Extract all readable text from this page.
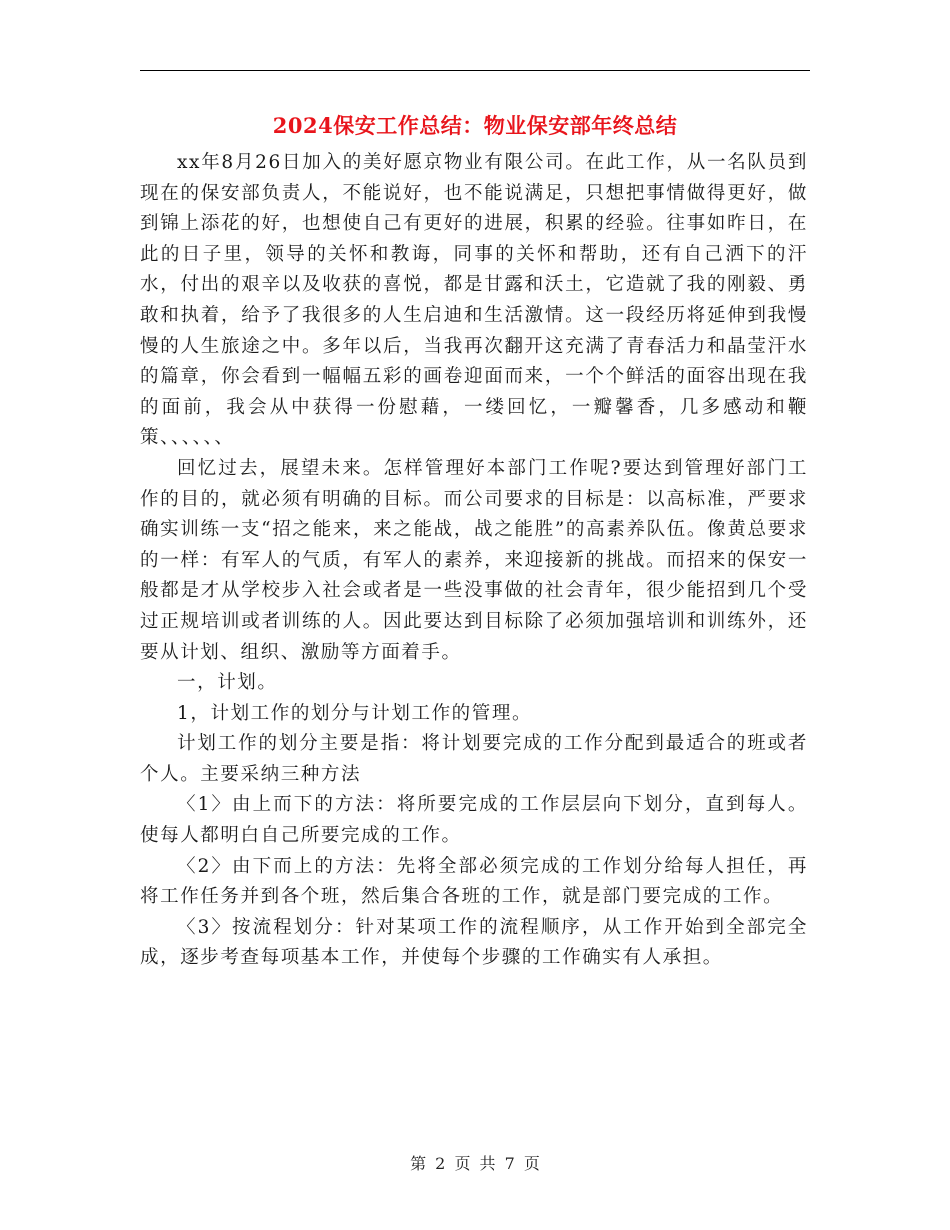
2024保安工作总结：物业保安部年终总结

xx年8月26日加入的美好愿京物业有限公司。在此工作，从一名队员到现在的保安部负责人，不能说好，也不能说满足，只想把事情做得更好，做到锦上添花的好，也想使自己有更好的进展，积累的经验。往事如昨日，在此的日子里，领导的关怀和教诲，同事的关怀和帮助，还有自己洒下的汗水，付出的艰辛以及收获的喜悦，都是甘露和沃土，它造就了我的刚毅、勇敢和执着，给予了我很多的人生启迪和生活激情。这一段经历将延伸到我慢慢的人生旅途之中。多年以后，当我再次翻开这充满了青春活力和晶莹汗水的篇章，你会看到一幅幅五彩的画卷迎面而来，一个个鲜活的面容出现在我的面前，我会从中获得一份慰藉，一缕回忆，一瓣馨香，几多感动和鞭策、、、、、、

回忆过去，展望未来。怎样管理好本部门工作呢?要达到管理好部门工作的目的，就必须有明确的目标。而公司要求的目标是：以高标准，严要求确实训练一支“招之能来，来之能战，战之能胜”的高素养队伍。像黄总要求的一样：有军人的气质，有军人的素养，来迎接新的挑战。而招来的保安一般都是才从学校步入社会或者是一些没事做的社会青年，很少能招到几个受过正规培训或者训练的人。因此要达到目标除了必须加强培训和训练外，还要从计划、组织、激励等方面着手。

一，计划。

1，计划工作的划分与计划工作的管理。

计划工作的划分主要是指：将计划要完成的工作分配到最适合的班或者个人。主要采纳三种方法

〈1〉由上而下的方法：将所要完成的工作层层向下划分，直到每人。使每人都明白自己所要完成的工作。

〈2〉由下而上的方法：先将全部必须完成的工作划分给每人担任，再将工作任务并到各个班，然后集合各班的工作，就是部门要完成的工作。

〈3〉按流程划分：针对某项工作的流程顺序，从工作开始到全部完全成，逐步考查每项基本工作，并使每个步骤的工作确实有人承担。

第 2 页 共 7 页
